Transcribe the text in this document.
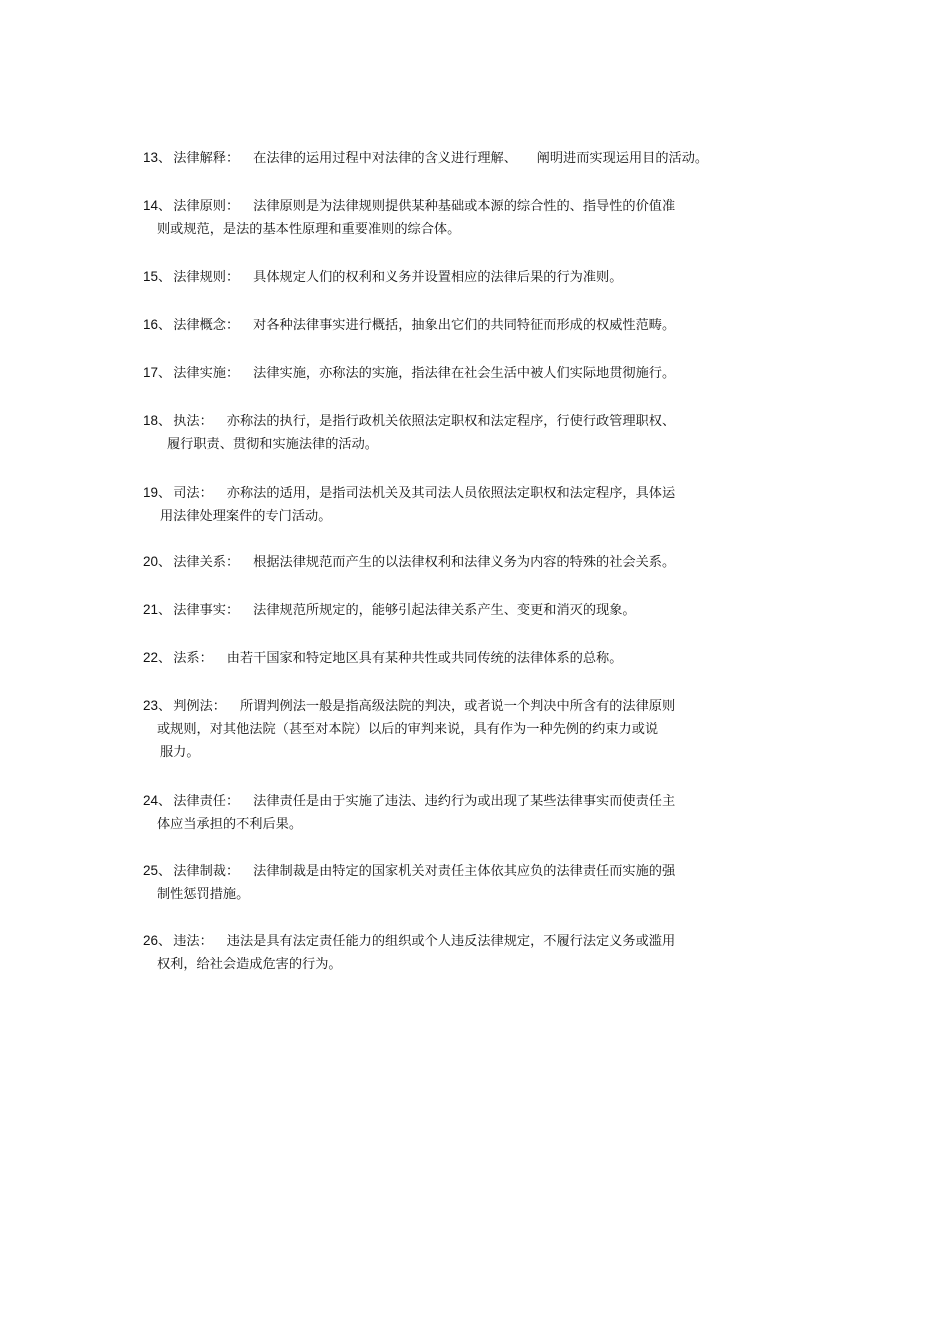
13、 法律解释： 在法律的运用过程中对法律的含义进行理解、　　阐明进而实现运用目的活动。
14、 法律原则： 法律原则是为法律规则提供某种基础或本源的综合性的、指导性的价值准
则或规范，是法的基本性原理和重要准则的综合体。
15、 法律规则： 具体规定人们的权利和义务并设置相应的法律后果的行为准则。
16、 法律概念： 对各种法律事实进行概括，抽象出它们的共同特征而形成的权威性范畴。
17、 法律实施： 法律实施，亦称法的实施，指法律在社会生活中被人们实际地贯彻施行。
18、 执法： 亦称法的执行，是指行政机关依照法定职权和法定程序，行使行政管理职权、
履行职责、贯彻和实施法律的活动。
19、 司法： 亦称法的适用，是指司法机关及其司法人员依照法定职权和法定程序，具体运
用法律处理案件的专门活动。
20、 法律关系： 根据法律规范而产生的以法律权利和法律义务为内容的特殊的社会关系。
21、 法律事实： 法律规范所规定的，能够引起法律关系产生、变更和消灭的现象。
22、 法系： 由若干国家和特定地区具有某种共性或共同传统的法律体系的总称。
23、 判例法： 所谓判例法一般是指高级法院的判决，或者说一个判决中所含有的法律原则
或规则，对其他法院（甚至对本院）以后的审判来说，具有作为一种先例的约束力或说
服力。
24、 法律责任： 法律责任是由于实施了违法、违约行为或出现了某些法律事实而使责任主
体应当承担的不利后果。
25、 法律制裁： 法律制裁是由特定的国家机关对责任主体依其应负的法律责任而实施的强
制性惩罚措施。
26、 违法： 违法是具有法定责任能力的组织或个人违反法律规定，不履行法定义务或滥用
权利，给社会造成危害的行为。
